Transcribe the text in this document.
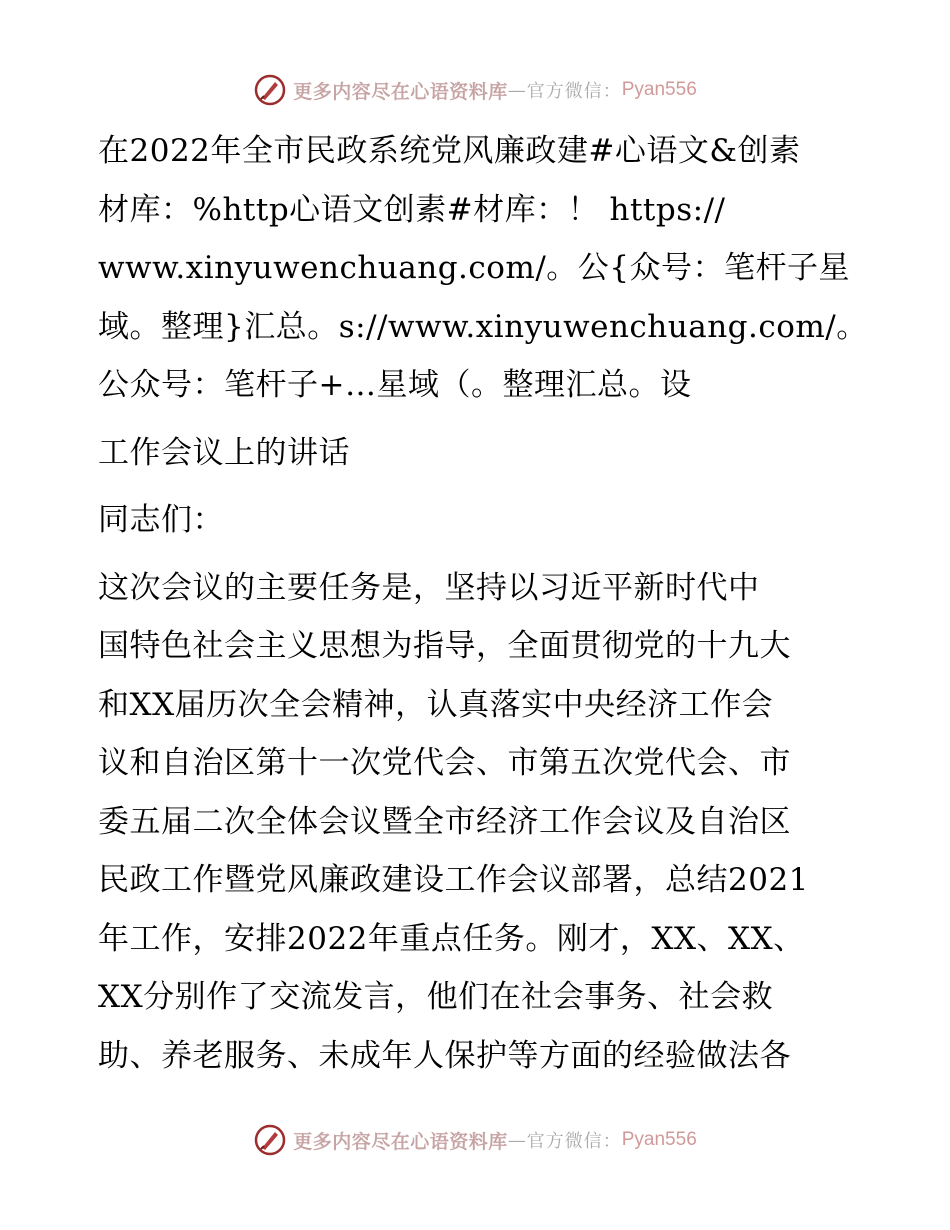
更多内容尽在心语资料库 — 官方微信： Pyan556

在2022年全市民政系统党风廉政建#心语文&创素
材库：%http心语文创素#材库：！ https://
www.xinyuwenchuang.com/。公{众号：笔杆子星
域。整理}汇总。s://www.xinyuwenchuang.com/。
公众号：笔杆子+…星域（。整理汇总。设

工作会议上的讲话

同志们：

这次会议的主要任务是，坚持以习近平新时代中
国特色社会主义思想为指导，全面贯彻党的十九大
和XX届历次全会精神，认真落实中央经济工作会
议和自治区第十一次党代会、市第五次党代会、市
委五届二次全体会议暨全市经济工作会议及自治区
民政工作暨党风廉政建设工作会议部署，总结2021
年工作，安排2022年重点任务。刚才，XX、XX、
XX分别作了交流发言，他们在社会事务、社会救
助、养老服务、未成年人保护等方面的经验做法各

更多内容尽在心语资料库 — 官方微信： Pyan556
